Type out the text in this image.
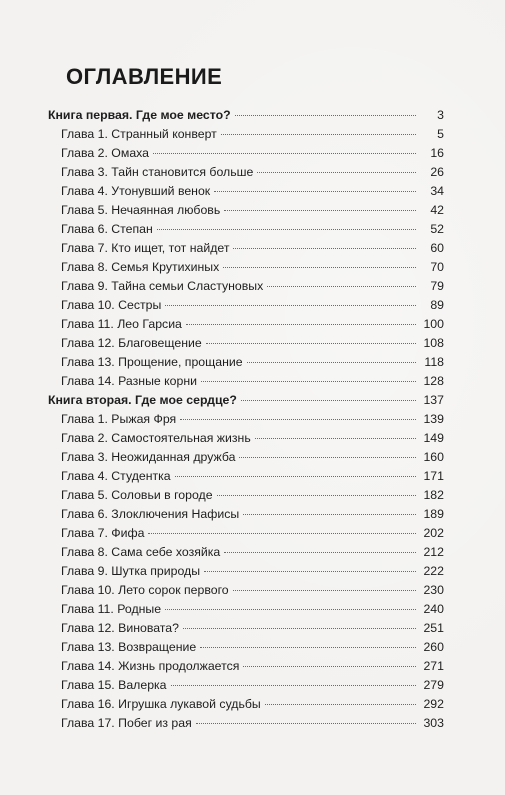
ОГЛАВЛЕНИЕ
Книга первая. Где мое место?	3
Глава 1. Странный конверт	5
Глава 2. Омаха	16
Глава 3. Тайн становится больше	26
Глава 4. Утонувший венок	34
Глава 5. Нечаянная любовь	42
Глава 6. Степан	52
Глава 7. Кто ищет, тот найдет	60
Глава 8. Семья Крутихиных	70
Глава 9. Тайна семьи Сластуновых	79
Глава 10. Сестры	89
Глава 11. Лео Гарсиа	100
Глава 12. Благовещение	108
Глава 13. Прощение, прощание	118
Глава 14. Разные корни	128
Книга вторая. Где мое сердце?	137
Глава 1. Рыжая Фря	139
Глава 2. Самостоятельная жизнь	149
Глава 3. Неожиданная дружба	160
Глава 4. Студентка	171
Глава 5. Соловьи в городе	182
Глава 6. Злоключения Нафисы	189
Глава 7. Фифа	202
Глава 8. Сама себе хозяйка	212
Глава 9. Шутка природы	222
Глава 10. Лето сорок первого	230
Глава 11. Родные	240
Глава 12. Виновата?	251
Глава 13. Возвращение	260
Глава 14. Жизнь продолжается	271
Глава 15. Валерка	279
Глава 16. Игрушка лукавой судьбы	292
Глава 17. Побег из рая	303
